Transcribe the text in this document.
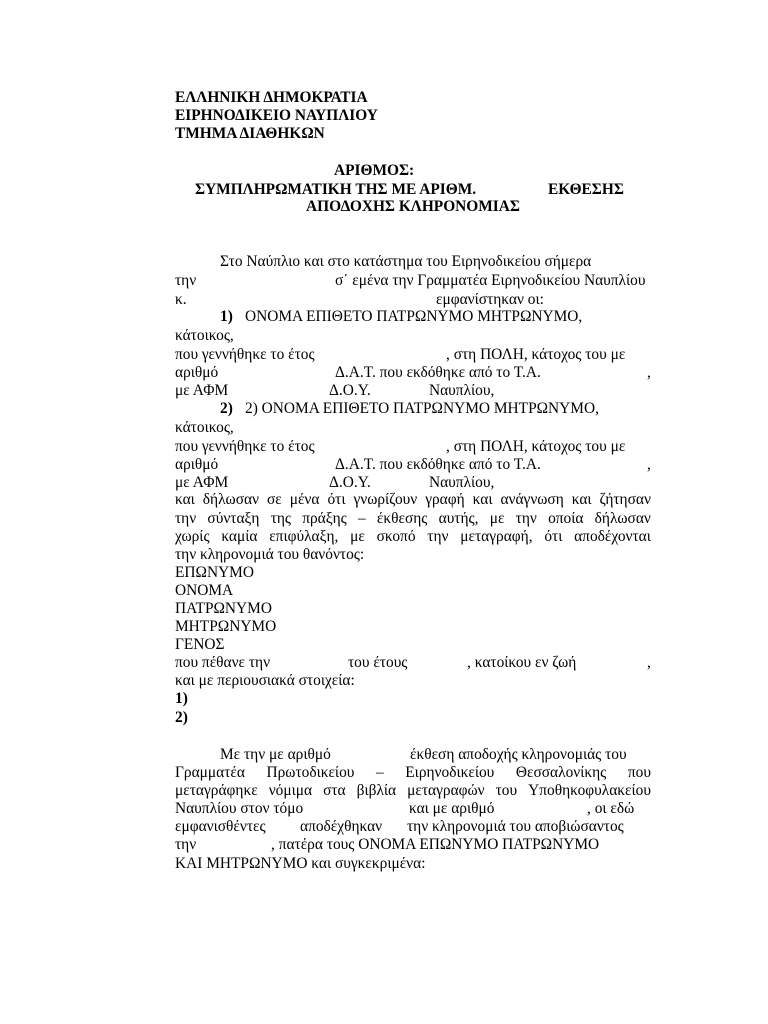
ΕΛΛΗΝΙΚΗ ΔΗΜΟΚΡΑΤΙΑ
ΕΙΡΗΝΟΔΙΚΕΙΟ ΝΑΥΠΛΙΟΥ
ΤΜΗΜΑ ΔΙΑΘΗΚΩΝ
ΑΡΙΘΜΟΣ:
ΣΥΜΠΛΗΡΩΜΑΤΙΚΗ ΤΗΣ ΜΕ ΑΡΙΘΜ.	ΕΚΘΕΣΗΣ
ΑΠΟΔΟΧΗΣ ΚΛΗΡΟΝΟΜΙΑΣ
Στο Ναύπλιο και στο κατάστημα του Ειρηνοδικείου σήμερα
την	σ΄ εμένα την Γραμματέα Ειρηνοδικείου Ναυπλίου
κ.	εμφανίστηκαν οι:
1) ΟΝΟΜΑ ΕΠΙΘΕΤΟ ΠΑΤΡΩΝΥΜΟ ΜΗΤΡΩΝΥΜΟ,
κάτοικος,
που γεννήθηκε το έτος	, στη ΠΟΛΗ, κάτοχος του με
αριθμό	Δ.Α.Τ. που εκδόθηκε από το Τ.Α.	,
με ΑΦΜ	Δ.Ο.Υ.	Ναυπλίου,
2) 2) ΟΝΟΜΑ ΕΠΙΘΕΤΟ ΠΑΤΡΩΝΥΜΟ ΜΗΤΡΩΝΥΜΟ,
κάτοικος,
που γεννήθηκε το έτος	, στη ΠΟΛΗ, κάτοχος του με
αριθμό	Δ.Α.Τ. που εκδόθηκε από το Τ.Α.	,
με ΑΦΜ	Δ.Ο.Υ.	Ναυπλίου,
και δήλωσαν σε μένα ότι γνωρίζουν γραφή και ανάγνωση και ζήτησαν
την σύνταξη της πράξης – έκθεσης αυτής, με την οποία δήλωσαν
χωρίς καμία επιφύλαξη, με σκοπό την μεταγραφή, ότι αποδέχονται
την κληρονομιά του θανόντος:
ΕΠΩΝΥΜΟ
ΟΝΟΜΑ
ΠΑΤΡΩΝΥΜΟ
ΜΗΤΡΩΝΥΜΟ
ΓΕΝΟΣ
που πέθανε την	του έτους	, κατοίκου εν ζωή	,
και με περιουσιακά στοιχεία:
1)
2)
Με την με αριθμό	έκθεση αποδοχής κληρονομιάς του
Γραμματέα Πρωτοδικείου – Ειρηνοδικείου Θεσσαλονίκης που
μεταγράφηκε νόμιμα στα βιβλία μεταγραφών του Υποθηκοφυλακείου
Ναυπλίου στον τόμο	και με αριθμό	, οι εδώ
εμφανισθέντες αποδέχθηκαν την κληρονομιά του αποβιώσαντος
την	, πατέρα τους ΟΝΟΜΑ ΕΠΩΝΥΜΟ ΠΑΤΡΩΝΥΜΟ
ΚΑΙ ΜΗΤΡΩΝΥΜΟ και συγκεκριμένα:
